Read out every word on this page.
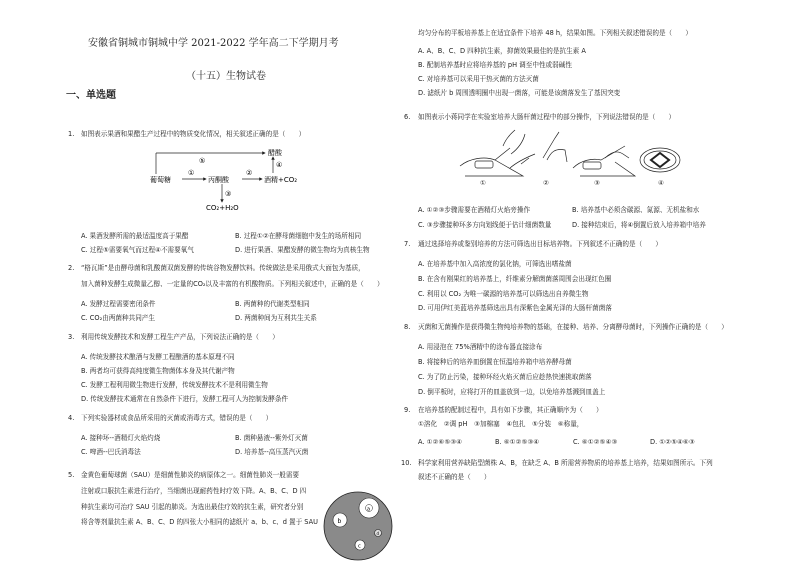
安徽省铜城市铜城中学 2021-2022 学年高二下学期月考
（十五）生物试卷
一、单选题
1. 如图表示果酒和果醋生产过程中的物质变化情况，相关叙述正确的是（　　）
葡萄糖	丙酮酸	酒精+CO₂
醋酸
CO₂+H₂O
⑤
①	②
③
④
A. 果酒发酵所需的最适温度高于果醋	B. 过程①②在酵母菌细胞中发生的场所相同
C. 过程⑤需要氧气而过程④不需要氧气	D. 进行果酒、果醋发酵的微生物均为真核生物
2. “格瓦斯”是由酵母菌和乳酸菌双菌发酵的传统谷物发酵饮料。传统做法是采用俄式大面包为基质，
加入菌种发酵生成微量乙醇、一定量的CO₂以及丰富的有机酸物质。下列相关叙述中，正确的是（　　）
A. 发酵过程需要密闭条件	B. 两菌种的代谢类型相同
C. CO₂由两菌种共同产生	D. 两菌种间为互利共生关系
3. 利用传统发酵技术和发酵工程生产产品，下列说法正确的是（　　）
A. 传统发酵技术酿酒与发酵工程酿酒的基本原理不同
B. 两者均可获得高纯度微生物菌体本身及其代谢产物
C. 发酵工程利用微生物进行发酵，传统发酵技术不是利用微生物
D. 传统发酵技术通常在自然条件下进行，发酵工程可人为控制发酵条件
4. 下列实验器材或食品所采用的灭菌或消毒方式，错误的是（　　）
A. 接种环--酒精灯火焰灼烧	B. 菌种悬液--紫外灯灭菌
C. 啤酒--巴氏消毒法	D. 培养基--高压蒸汽灭菌
5. 金黄色葡萄球菌（SAU）是细菌性肺炎的病原体之一。细菌性肺炎一般需要
注射或口服抗生素进行治疗，当细菌出现耐药性时疗效下降。A、B、C、D 四
种抗生素均可治疗 SAU 引起的肺炎。为选出最佳疗效的抗生素，研究者分别
将含等剂量抗生素 A、B、C、D 的四张大小相同的滤纸片 a、b、c、d 置于 SAU
a
b
c
d
均匀分布的平板培养基上在适宜条件下培养 48 h，结果如图。下列相关叙述错误的是（　　）
A. A、B、C、D 四种抗生素，抑菌效果最佳的是抗生素 A
B. 配制培养基时应将培养基的 pH 调至中性或弱碱性
C. 对培养基可以采用干热灭菌的方法灭菌
D. 滤纸片 b 周围透明圈中出现一菌落，可能是该菌落发生了基因突变
6. 如图表示小蒋同学在实验室培养大肠杆菌过程中的部分操作，下列说法错误的是（　　）
①	②	③	④
A. ①②③步骤需要在酒精灯火焰旁操作	B. 培养基中必须含碳源、氮源、无机盐和水
C. ③步骤接种环多方向划线便于估计细菌数量	D. 接种结束后，将④倒置后放入培养箱中培养
7. 通过选择培养或鉴别培养的方法可筛选出目标培养物。下列叙述不正确的是（　　）
A. 在培养基中加入高浓度的氯化钠，可筛选出嗜盐菌
B. 在含有刚果红的培养基上，纤维素分解菌菌落周围会出现红色圈
C. 利用以 CO₂ 为唯一碳源的培养基可以筛选出自养微生物
D. 可用伊红美蓝培养基筛选出具有深紫色金属光泽的大肠杆菌菌落
8. 灭菌和无菌操作是获得微生物纯培养物的基础，在接种、培养、分离酵母菌时，下列操作正确的是（　　）
A. 用浸泡在 75%酒精中的涂布器直接涂布
B. 将接种后的培养皿倒置在恒温培养箱中培养酵母菌
C. 为了防止污染，接种环经火焰灭菌后应趁热快速挑取菌落
D. 倒平板时，应将打开的皿盖放到一边，以免培养基溅到皿盖上
9. 在培养基的配制过程中，具有如下步骤，其正确顺序为（　　）
①溶化　②调 pH　③加棉塞　④包扎　⑤分装　⑥称量，
A. ①②⑥⑤③④	B. ⑥①②⑤③④	C. ⑥①②⑤④③	D. ①②⑤④⑥③
10. 科学家利用营养缺陷型菌株 A、B，在缺乏 A、B 所需营养物质的培养基上培养，结果如图所示。下列
叙述不正确的是（　　）
